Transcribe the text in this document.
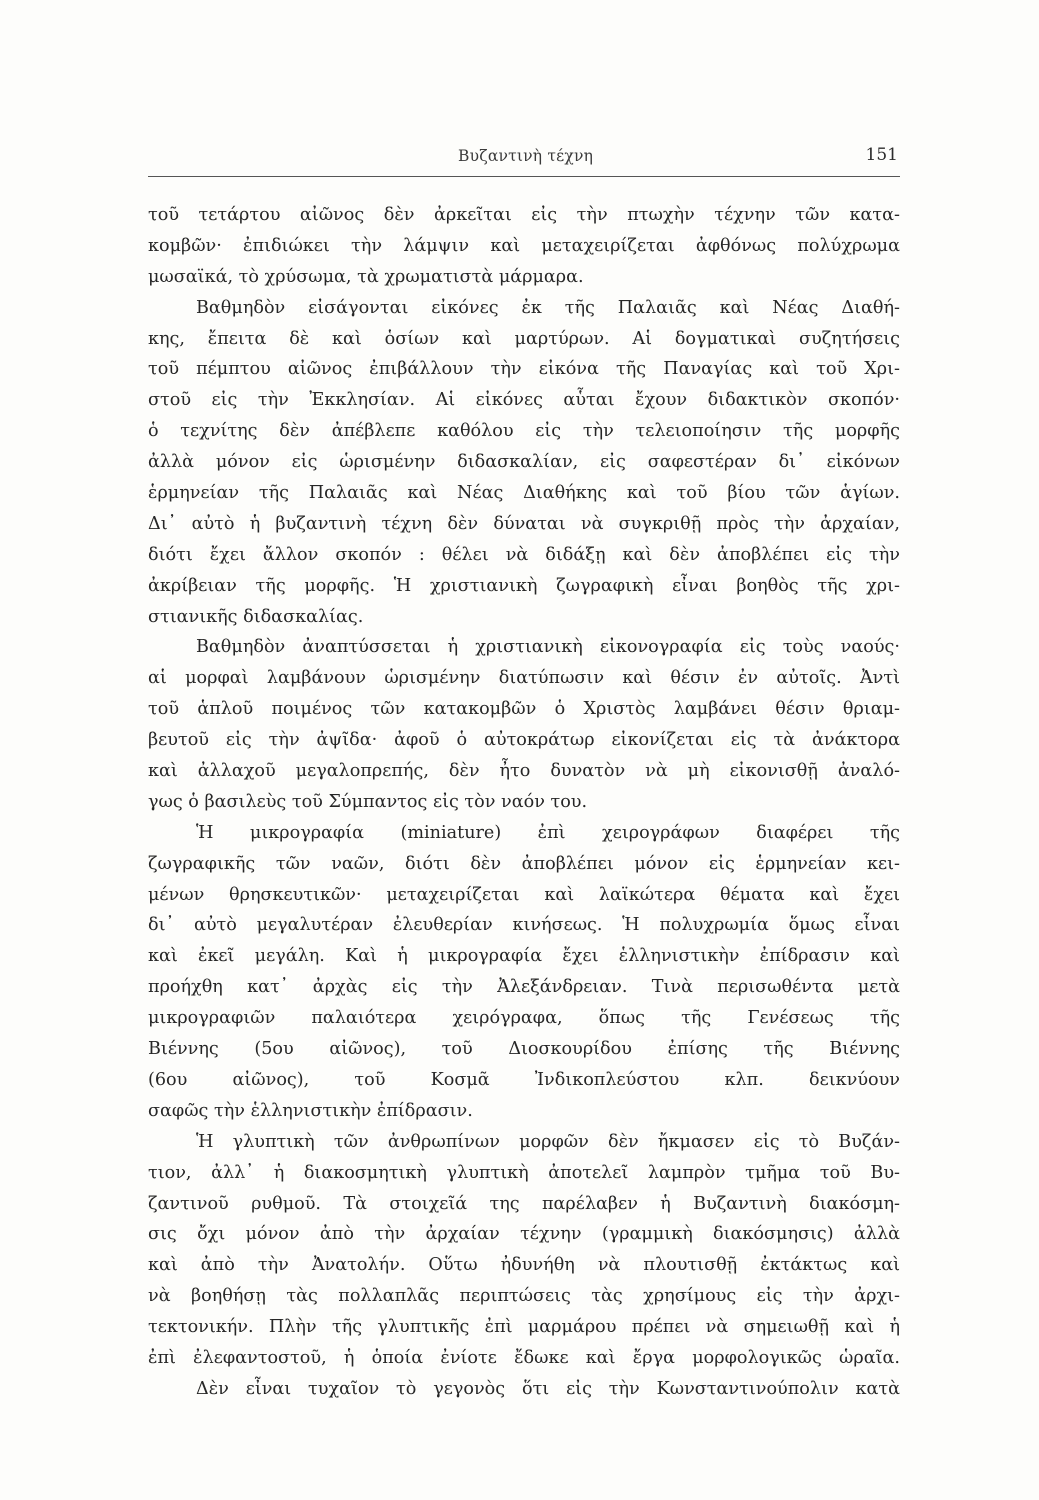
Βυζαντινὴ τέχνη	151
τοῦ τετάρτου αἰῶνος δὲν ἀρκεῖται εἰς τὴν πτωχὴν τέχνην τῶν κατα-
κομβῶν· ἐπιδιώκει τὴν λάμψιν καὶ μεταχειρίζεται ἀφθόνως πολύχρωμα
μωσαϊκά, τὸ χρύσωμα, τὰ χρωματιστὰ μάρμαρα.
Βαθμηδὸν εἰσάγονται εἰκόνες ἐκ τῆς Παλαιᾶς καὶ Νέας Διαθή-
κης, ἔπειτα δὲ καὶ ὁσίων καὶ μαρτύρων. Αἱ δογματικαὶ συζητήσεις
τοῦ πέμπτου αἰῶνος ἐπιβάλλουν τὴν εἰκόνα τῆς Παναγίας καὶ τοῦ Χρι-
στοῦ εἰς τὴν Ἐκκλησίαν. Αἱ εἰκόνες αὗται ἔχουν διδακτικὸν σκοπόν·
ὁ τεχνίτης δὲν ἀπέβλεπε καθόλου εἰς τὴν τελειοποίησιν τῆς μορφῆς
ἀλλὰ μόνον εἰς ὡρισμένην διδασκαλίαν, εἰς σαφεστέραν δι᾽ εἰκόνων
ἑρμηνείαν τῆς Παλαιᾶς καὶ Νέας Διαθήκης καὶ τοῦ βίου τῶν ἁγίων.
Δι᾽ αὐτὸ ἡ βυζαντινὴ τέχνη δὲν δύναται νὰ συγκριθῇ πρὸς τὴν ἀρχαίαν,
διότι ἔχει ἄλλον σκοπόν : θέλει νὰ διδάξῃ καὶ δὲν ἀποβλέπει εἰς τὴν
ἀκρίβειαν τῆς μορφῆς. Ἡ χριστιανικὴ ζωγραφικὴ εἶναι βοηθὸς τῆς χρι-
στιανικῆς διδασκαλίας.
Βαθμηδὸν ἀναπτύσσεται ἡ χριστιανικὴ εἰκονογραφία εἰς τοὺς ναούς·
αἱ μορφαὶ λαμβάνουν ὡρισμένην διατύπωσιν καὶ θέσιν ἐν αὐτοῖς. Ἀντὶ
τοῦ ἁπλοῦ ποιμένος τῶν κατακομβῶν ὁ Χριστὸς λαμβάνει θέσιν θριαμ-
βευτοῦ εἰς τὴν ἀψῖδα· ἀφοῦ ὁ αὐτοκράτωρ εἰκονίζεται εἰς τὰ ἀνάκτορα
καὶ ἀλλαχοῦ μεγαλοπρεπής, δὲν ἦτο δυνατὸν νὰ μὴ εἰκονισθῇ ἀναλό-
γως ὁ βασιλεὺς τοῦ Σύμπαντος εἰς τὸν ναόν του.
Ἡ μικρογραφία (miniature) ἐπὶ χειρογράφων διαφέρει τῆς
ζωγραφικῆς τῶν ναῶν, διότι δὲν ἀποβλέπει μόνον εἰς ἑρμηνείαν κει-
μένων θρησκευτικῶν· μεταχειρίζεται καὶ λαϊκώτερα θέματα καὶ ἔχει
δι᾽ αὐτὸ μεγαλυτέραν ἐλευθερίαν κινήσεως. Ἡ πολυχρωμία ὅμως εἶναι
καὶ ἐκεῖ μεγάλη. Καὶ ἡ μικρογραφία ἔχει ἑλληνιστικὴν ἐπίδρασιν καὶ
προήχθη κατ᾽ ἀρχὰς εἰς τὴν Ἀλεξάνδρειαν. Τινὰ περισωθέντα μετὰ
μικρογραφιῶν παλαιότερα χειρόγραφα, ὅπως τῆς Γενέσεως τῆς
Βιέννης (5ου αἰῶνος), τοῦ Διοσκουρίδου ἐπίσης τῆς Βιέννης
(6ου αἰῶνος), τοῦ Κοσμᾶ Ἰνδικοπλεύστου κλπ. δεικνύουν
σαφῶς τὴν ἑλληνιστικὴν ἐπίδρασιν.
Ἡ γλυπτικὴ τῶν ἀνθρωπίνων μορφῶν δὲν ἤκμασεν εἰς τὸ Βυζάν-
τιον, ἀλλ᾽ ἡ διακοσμητικὴ γλυπτικὴ ἀποτελεῖ λαμπρὸν τμῆμα τοῦ Βυ-
ζαντινοῦ ρυθμοῦ. Τὰ στοιχεῖά της παρέλαβεν ἡ Βυζαντινὴ διακόσμη-
σις ὄχι μόνον ἀπὸ τὴν ἀρχαίαν τέχνην (γραμμικὴ διακόσμησις) ἀλλὰ
καὶ ἀπὸ τὴν Ἀνατολήν. Οὕτω ἠδυνήθη νὰ πλουτισθῇ ἐκτάκτως καὶ
νὰ βοηθήσῃ τὰς πολλαπλᾶς περιπτώσεις τὰς χρησίμους εἰς τὴν ἀρχι-
τεκτονικήν. Πλὴν τῆς γλυπτικῆς ἐπὶ μαρμάρου πρέπει νὰ σημειωθῇ καὶ ἡ
ἐπὶ ἐλεφαντοστοῦ, ἡ ὁποία ἐνίοτε ἔδωκε καὶ ἔργα μορφολογικῶς ὡραῖα.
Δὲν εἶναι τυχαῖον τὸ γεγονὸς ὅτι εἰς τὴν Κωνσταντινούπολιν κατὰ
